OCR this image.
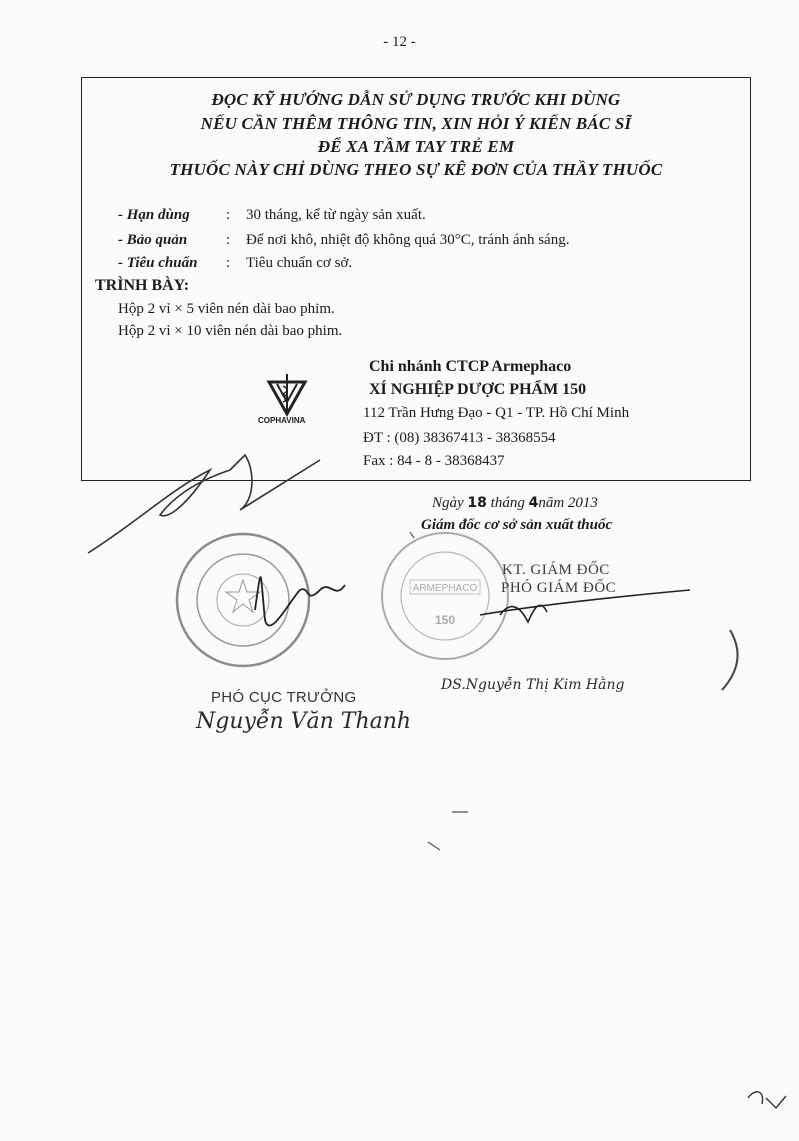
- 12 -
ĐỌC KỸ HƯỚNG DẪN SỬ DỤNG TRƯỚC KHI DÙNG
NẾU CẦN THÊM THÔNG TIN, XIN HỎI Ý KIẾN BÁC SĨ
ĐỂ XA TẦM TAY TRẺ EM
THUỐC NÀY CHỈ DÙNG THEO SỰ KÊ ĐƠN CỦA THẦY THUỐC
- Hạn dùng : 30 tháng, kể từ ngày sản xuất.
- Bảo quản	: Để nơi khô, nhiệt độ không quá 30°C, tránh ánh sáng.
- Tiêu chuẩn : Tiêu chuẩn cơ sở.
TRÌNH BÀY:
Hộp 2 vỉ × 5 viên nén dài bao phim.
Hộp 2 vỉ × 10 viên nén dài bao phim.
COPHAVINA
Chi nhánh CTCP Armephaco
XÍ NGHIỆP DƯỢC PHẨM 150
112 Trần Hưng Đạo - Q1 - TP. Hồ Chí Minh
ĐT : (08) 38367413 - 38368554
Fax : 84 - 8 - 38368437
Ngày 18 tháng 4năm 2013
Giám đốc cơ sở sản xuất thuốc
ARMEPHACO
150
KT. GIÁM ĐỐC
PHÓ GIÁM ĐỐC
DS.Nguyễn Thị Kim Hằng
PHÓ CỤC TRƯỞNG
Nguyễn Văn Thanh
